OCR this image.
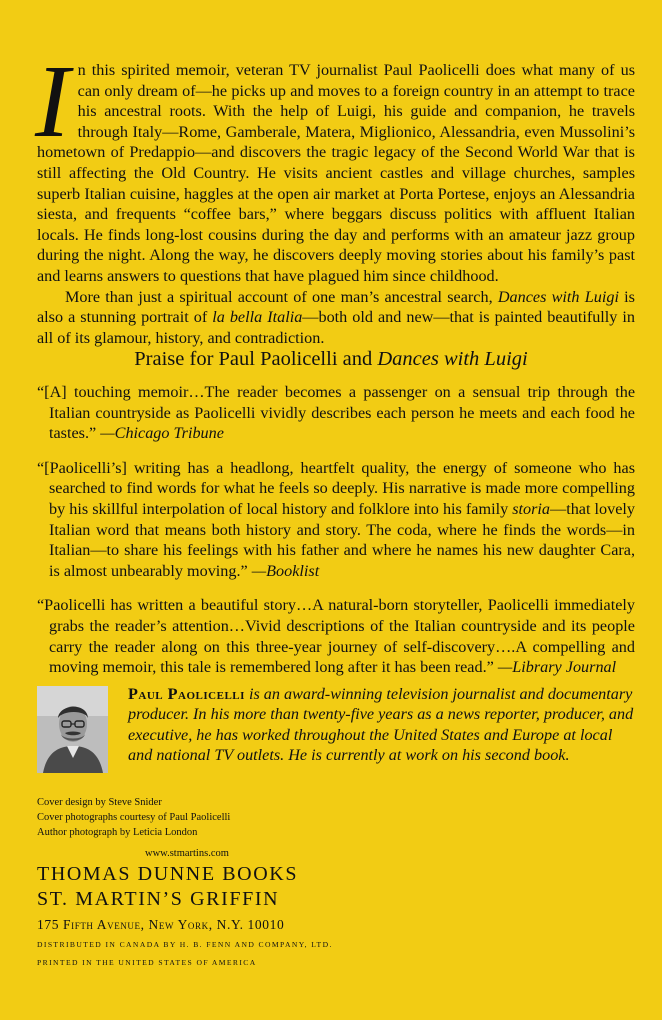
I n this spirited memoir, veteran TV journalist Paul Paolicelli does what many of us can only dream of—he picks up and moves to a foreign country in an attempt to trace his ancestral roots. With the help of Luigi, his guide and companion, he travels through Italy—Rome, Gamberale, Matera, Miglionico, Alessandria, even Mussolini’s hometown of Predappio—and discovers the tragic legacy of the Second World War that is still affecting the Old Country. He visits ancient castles and village churches, samples superb Italian cuisine, haggles at the open air market at Porta Portese, enjoys an Alessandria siesta, and frequents “coffee bars,” where beggars discuss politics with affluent Italian locals. He finds long-lost cousins during the day and performs with an amateur jazz group during the night. Along the way, he discovers deeply moving stories about his family’s past and learns answers to questions that have plagued him since childhood.

More than just a spiritual account of one man’s ancestral search, Dances with Luigi is also a stunning portrait of la bella Italia—both old and new—that is painted beautifully in all of its glamour, history, and contradiction.

Praise for Paul Paolicelli and Dances with Luigi

“[A] touching memoir…The reader becomes a passenger on a sensual trip through the Italian countryside as Paolicelli vividly describes each person he meets and each food he tastes.” —Chicago Tribune

“[Paolicelli’s] writing has a headlong, heartfelt quality, the energy of someone who has searched to find words for what he feels so deeply. His narrative is made more compelling by his skillful interpolation of local history and folklore into his family storia—that lovely Italian word that means both history and story. The coda, where he finds the words—in Italian—to share his feelings with his father and where he names his new daughter Cara, is almost unbearably moving.” —Booklist

“Paolicelli has written a beautiful story…A natural-born storyteller, Paolicelli immediately grabs the reader’s attention…Vivid descriptions of the Italian countryside and its people carry the reader along on this three-year journey of self-discovery….A compelling and moving memoir, this tale is remembered long after it has been read.” —Library Journal

Paul Paolicelli is an award-winning television journalist and documentary producer. In his more than twenty-five years as a news reporter, producer, and executive, he has worked throughout the United States and Europe at local and national TV outlets. He is currently at work on his second book.
Cover design by Steve Snider
Cover photographs courtesy of Paul Paolicelli
Author photograph by Leticia London
www.stmartins.com
THOMAS DUNNE BOOKS
ST. MARTIN’S GRIFFIN
175 Fifth Avenue, New York, N.Y. 10010
DISTRIBUTED IN CANADA BY H. B. FENN AND COMPANY, LTD.
PRINTED IN THE UNITED STATES OF AMERICA
